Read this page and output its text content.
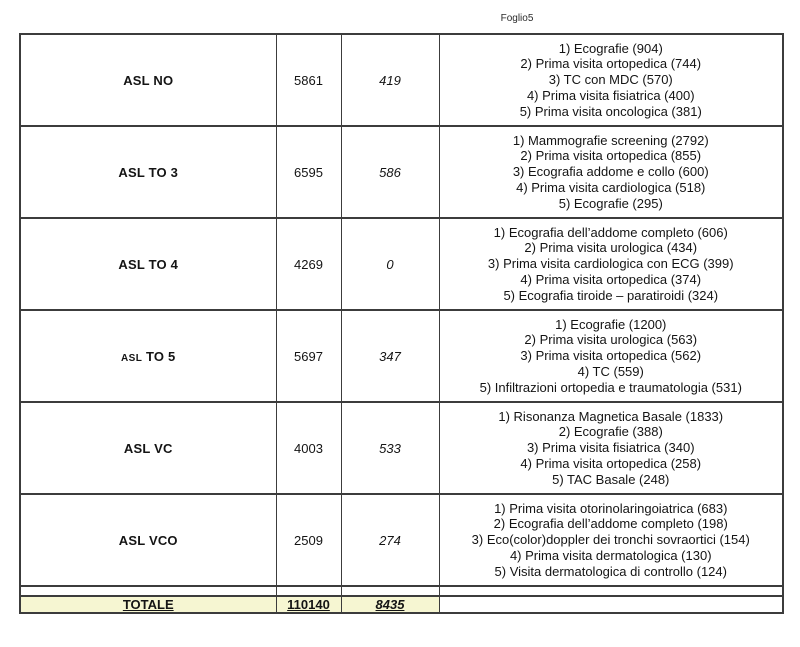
Foglio5
ASL NO	5861	419	1) Ecografie (904)
2) Prima visita ortopedica (744)
3) TC con MDC (570)
4) Prima visita fisiatrica (400)
5) Prima visita oncologica (381)

ASL TO 3	6595	586	1) Mammografie screening (2792)
2) Prima visita ortopedica (855)
3) Ecografia addome e collo (600)
4) Prima visita cardiologica (518)
5) Ecografie (295)

ASL TO 4	4269	0	1) Ecografia dell’addome completo (606)
2) Prima visita urologica (434)
3) Prima visita cardiologica con ECG (399)
4) Prima visita ortopedica (374)
5) Ecografia tiroide – paratiroidi (324)

ASL TO 5	5697	347	1) Ecografie (1200)
2) Prima visita urologica (563)
3) Prima visita ortopedica (562)
4) TC (559)
5) Infiltrazioni ortopedia e traumatologia (531)

ASL VC	4003	533	1) Risonanza Magnetica Basale (1833)
2) Ecografie (388)
3) Prima visita fisiatrica (340)
4) Prima visita ortopedica (258)
5) TAC Basale (248)

ASL VCO	2509	274	1) Prima visita otorinolaringoiatrica (683)
2) Ecografia dell’addome completo (198)
3) Eco(color)doppler dei tronchi sovraortici (154)
4) Prima visita dermatologica (130)
5) Visita dermatologica di controllo (124)

TOTALE	110140	8435	
